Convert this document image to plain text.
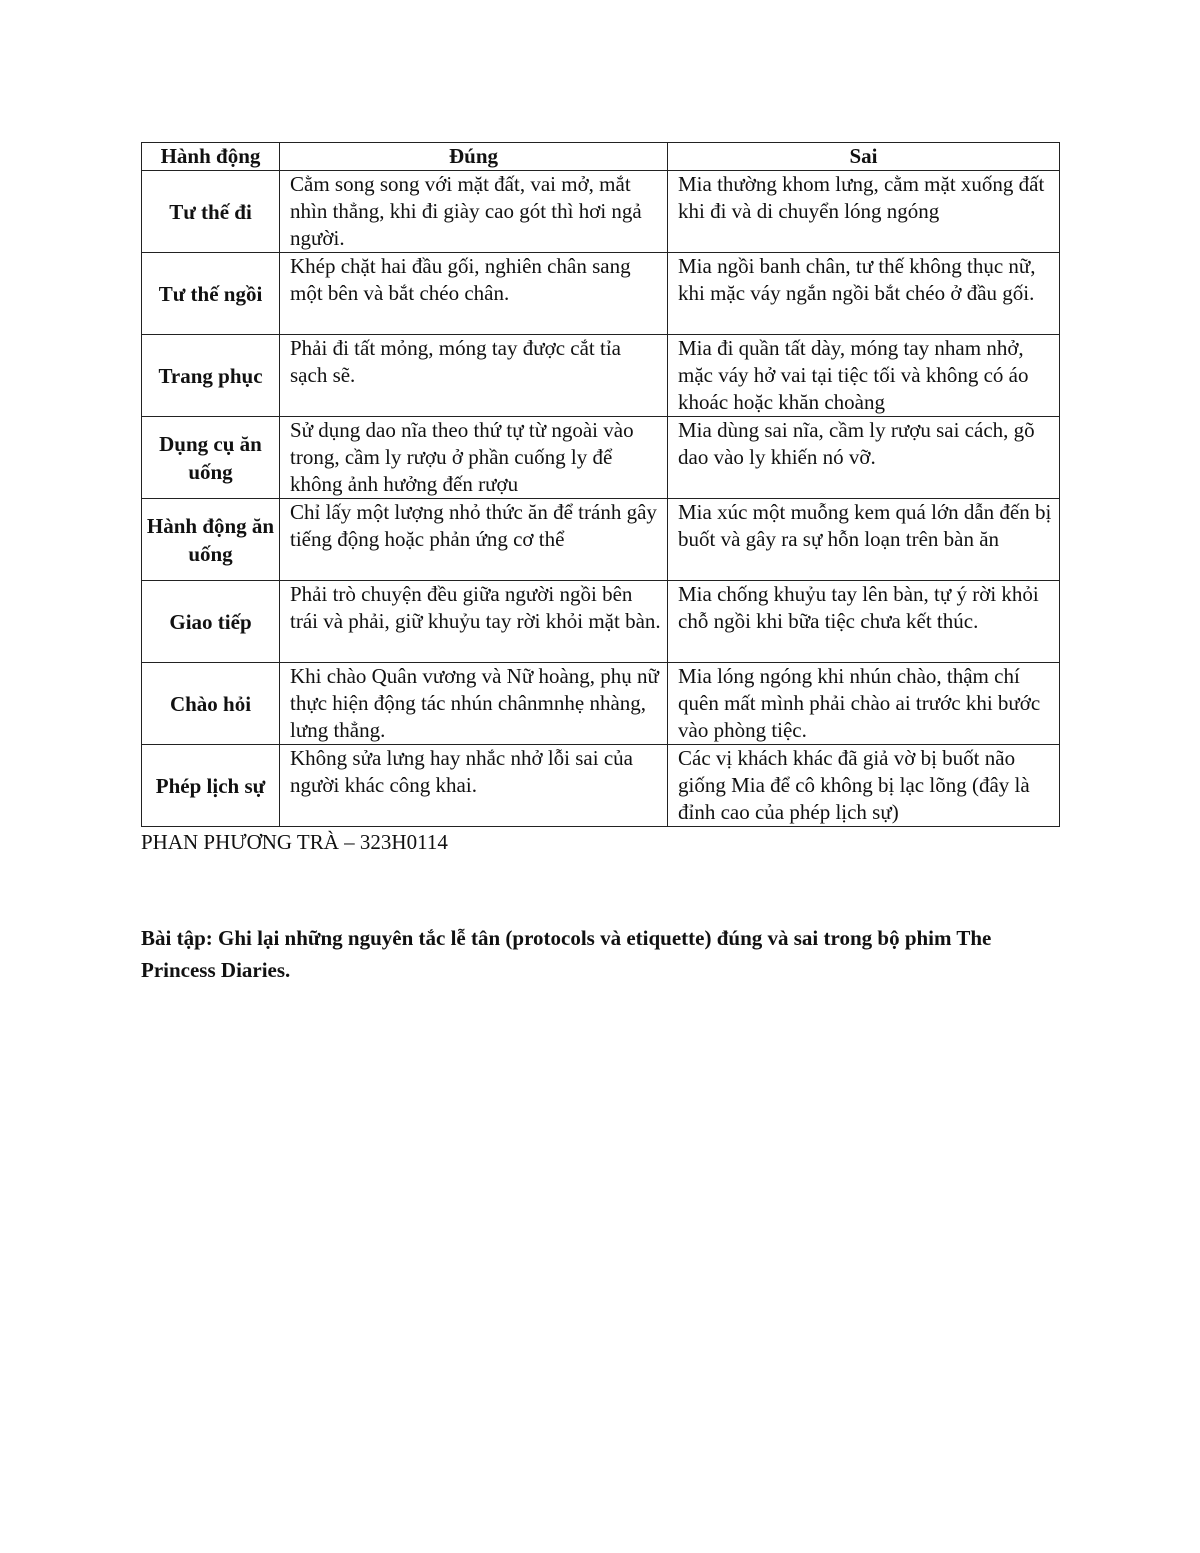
Hành động	Đúng	Sai
Tư thế đi	Cằm song song với mặt đất, vai mở, mắt nhìn thẳng, khi đi giày cao gót thì hơi ngả người.	Mia thường khom lưng, cằm mặt xuống đất khi đi và di chuyển lóng ngóng

Tư thế ngồi	Khép chặt hai đầu gối, nghiên chân sang một bên và bắt chéo chân.	Mia ngồi banh chân, tư thế không thục nữ, khi mặc váy ngắn ngồi bắt chéo ở đầu gối.

Trang phục	Phải đi tất mỏng, móng tay được cắt tỉa sạch sẽ.	Mia đi quần tất dày, móng tay nham nhở, mặc váy hở vai tại tiệc tối và không có áo khoác hoặc khăn choàng

Dụng cụ ăn uống	Sử dụng dao nĩa theo thứ tự từ ngoài vào trong, cầm ly rượu ở phần cuống ly để không ảnh hưởng đến rượu	Mia dùng sai nĩa, cầm ly rượu sai cách, gõ dao vào ly khiến nó vỡ.

Hành động ăn uống	Chỉ lấy một lượng nhỏ thức ăn để tránh gây tiếng động hoặc phản ứng cơ thể	Mia xúc một muỗng kem quá lớn dẫn đến bị buốt và gây ra sự hỗn loạn trên bàn ăn

Giao tiếp	Phải trò chuyện đều giữa người ngồi bên trái và phải, giữ khuỷu tay rời khỏi mặt bàn.	Mia chống khuỷu tay lên bàn, tự ý rời khỏi chỗ ngồi khi bữa tiệc chưa kết thúc.

Chào hỏi	Khi chào Quân vương và Nữ hoàng, phụ nữ thực hiện động tác nhún chânmnhẹ nhàng, lưng thẳng.	Mia lóng ngóng khi nhún chào, thậm chí quên mất mình phải chào ai trước khi bước vào phòng tiệc.

Phép lịch sự	Không sửa lưng hay nhắc nhở lỗi sai của người khác công khai.	Các vị khách khác đã giả vờ bị buốt não giống Mia để cô không bị lạc lõng (đây là đỉnh cao của phép lịch sự)

PHAN PHƯƠNG TRÀ – 323H0114

Bài tập: Ghi lại những nguyên tắc lễ tân (protocols và etiquette) đúng và sai trong bộ phim The Princess Diaries.
